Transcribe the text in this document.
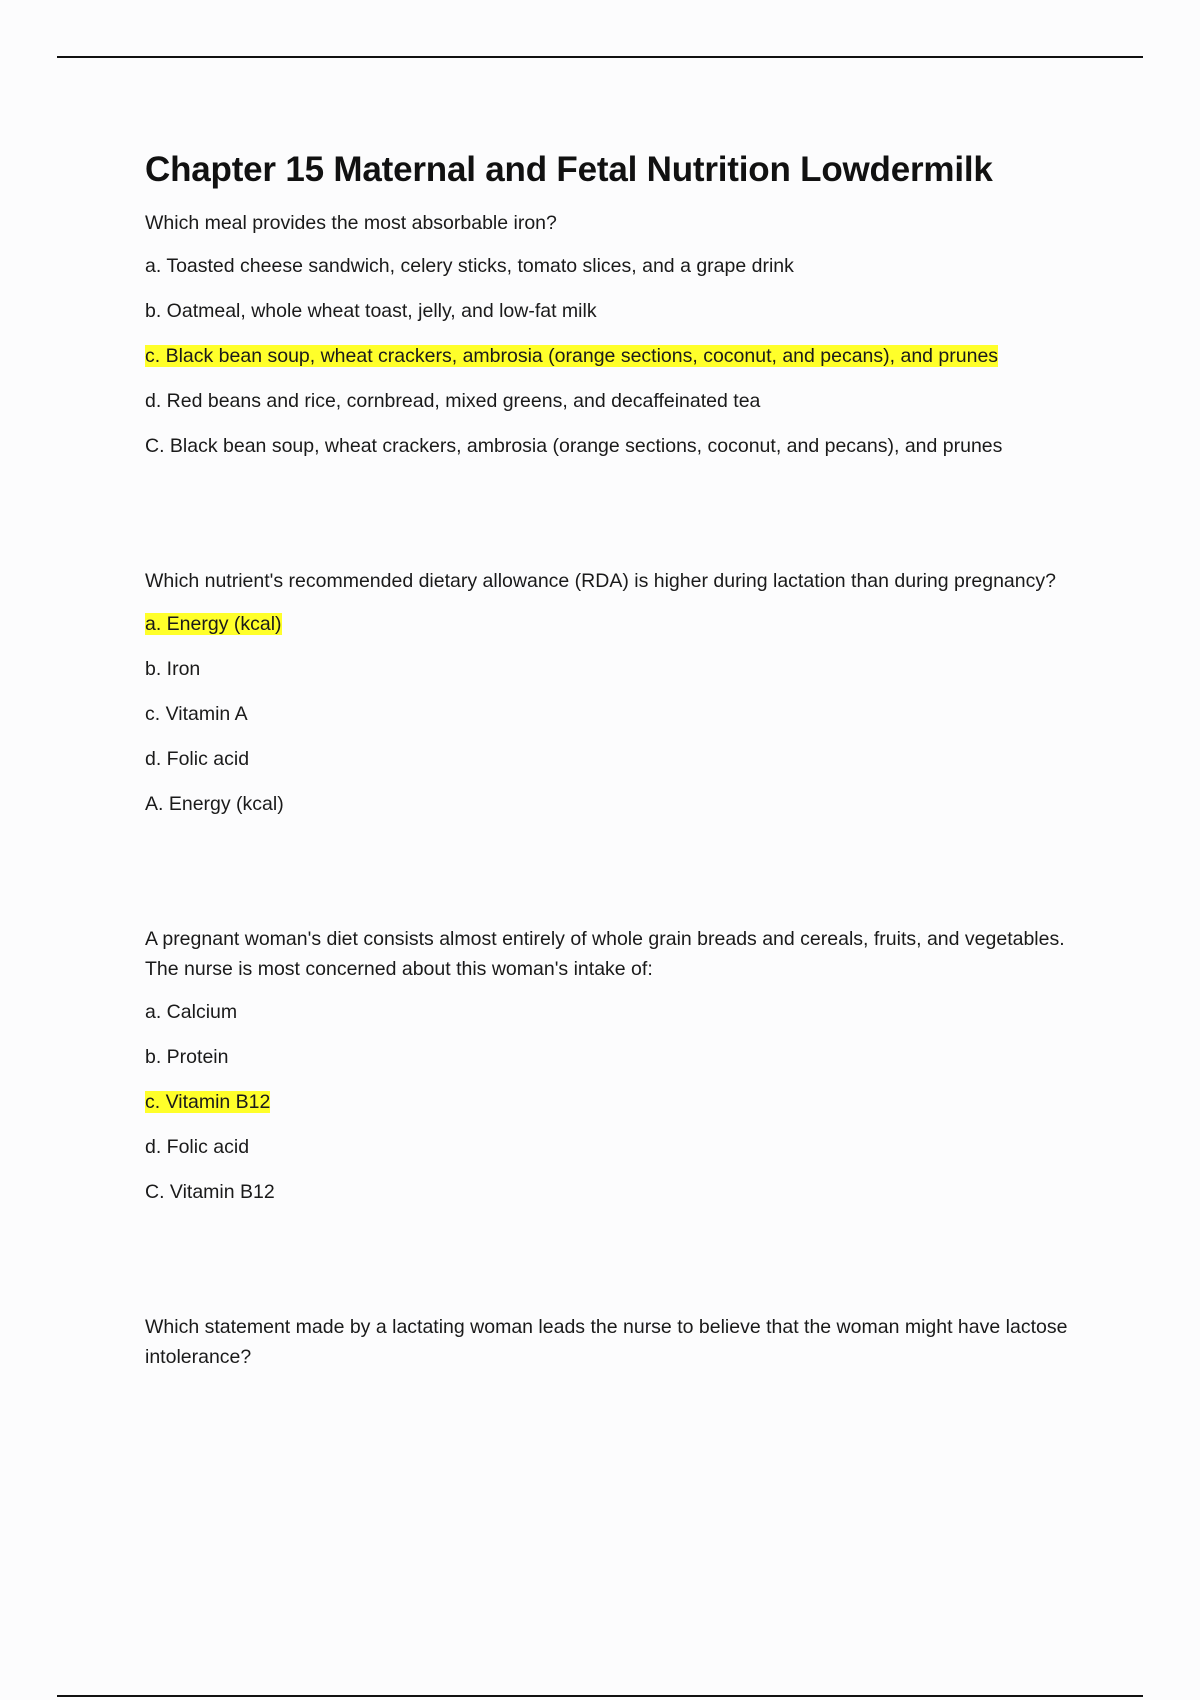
Chapter 15 Maternal and Fetal Nutrition Lowdermilk

Which meal provides the most absorbable iron?

a. Toasted cheese sandwich, celery sticks, tomato slices, and a grape drink

b. Oatmeal, whole wheat toast, jelly, and low-fat milk

c. Black bean soup, wheat crackers, ambrosia (orange sections, coconut, and pecans), and prunes

d. Red beans and rice, cornbread, mixed greens, and decaffeinated tea

C. Black bean soup, wheat crackers, ambrosia (orange sections, coconut, and pecans), and prunes

Which nutrient's recommended dietary allowance (RDA) is higher during lactation than during pregnancy?

a. Energy (kcal)

b. Iron

c. Vitamin A

d. Folic acid

A. Energy (kcal)

A pregnant woman's diet consists almost entirely of whole grain breads and cereals, fruits, and vegetables. The nurse is most concerned about this woman's intake of:

a. Calcium

b. Protein

c. Vitamin B12

d. Folic acid

C. Vitamin B12

Which statement made by a lactating woman leads the nurse to believe that the woman might have lactose intolerance?
